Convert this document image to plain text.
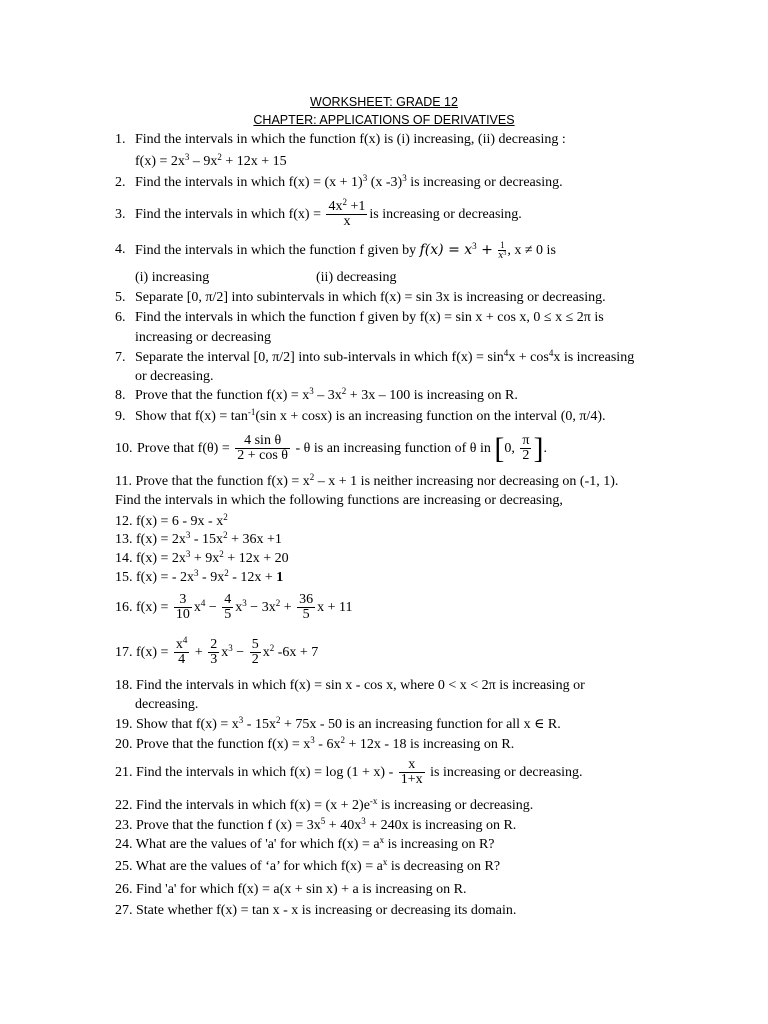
WORKSHEET: GRADE 12
CHAPTER: APPLICATIONS OF DERIVATIVES
1. Find the intervals in which the function f(x) is (i) increasing, (ii) decreasing :
$f(x) = 2x^3 - 9x^2 + 12x + 15$
2. Find the intervals in which $f(x) = (x + 1)^3$ (x -3)$^3$ is increasing or decreasing.
3. Find the intervals in which $f(x) = \frac{4x^2 +1}{x}$ is increasing or decreasing.
4. Find the intervals in which the function f given by 𝑓(𝑥) = 𝑥$^3$ + 1
𝑥$^3$ , x ≠ 0 is
(i) increasing	(ii) decreasing
5. Separate [0, π/2] into subintervals in which f(x) = sin 3x is increasing or decreasing.
6. Find the intervals in which the function f given by f(x) = sin x + cos x, 0 ≤ x ≤ 2π is
increasing or decreasing
7. Separate the interval [0, π/2] into sub-intervals in which $f(x) = \sin^4x + \cos^4x$ is increasing
or decreasing.
8. Prove that the function $f(x) = x^3 - 3x^2 + 3x - 100$ is increasing on R.
9. Show that $f(x) = \tan^{-1}(\sin$ x + cosx) is an increasing function on the interval (0, π/4).
10. Prove that $f(\theta) = \frac{\text{4 sin θ}}{\text{2 + cos θ}} - \theta$ is an increasing function of θ in [0, $\frac{\pi}{2}$ ].
11. Prove that the function $f(x) = x^2 - x + 1$ is neither increasing nor decreasing on (-1, 1).
Find the intervals in which the following functions are increasing or decreasing,
12. $f(x) = 6 - 9x - x^2$
13. $f(x) = 2x^3 - 15x^2 + 36x +1$
14. $f(x) = 2x^3 + 9x^2 + 12x + 20$
15. f(x) = - $2x^3 - 9x^2 - 12x + 1$
16. $f(x) = \frac{3}{10} x^4 - \frac{4}{5} x^3 - 3x^2 + \frac{36}{5}$ x + 11
17. $f(x) = \frac{x^4}{4} + \frac{2}{3} x^3 - \frac{5}{2} x^2$ -6x + 7
18. Find the intervals in which f(x) = sin x - cos x, where 0 < x < 2π is increasing or
decreasing.
19. Show that $f(x) = x^3 - 15x^2 + 75x - 50$ is an increasing function for all x ∈ R.
20. Prove that the function $f(x) = x^3 - 6x^2 + 12x - 18$ is increasing on R.
21. Find the intervals in which $f(x) = \log (1 + x) - \frac{x}{1+x}$ is increasing or decreasing.
22. Find the intervals in which $f(x) = (x + 2)e^{-x}$ is increasing or decreasing.
23. Prove that the function f $(x) = 3x^5 + 40x^3 + 240x$ is increasing on R.
24. What are the values of 'a' for which $f(x) = a^x$ is increasing on R?
25. What are the values of ‘a’ for which $f(x) = a^x$ is decreasing on R?
26. Find 'a' for which f(x) = a(x + sin x) + a is increasing on R.
27. State whether f(x) = tan x - x is increasing or decreasing its domain.
